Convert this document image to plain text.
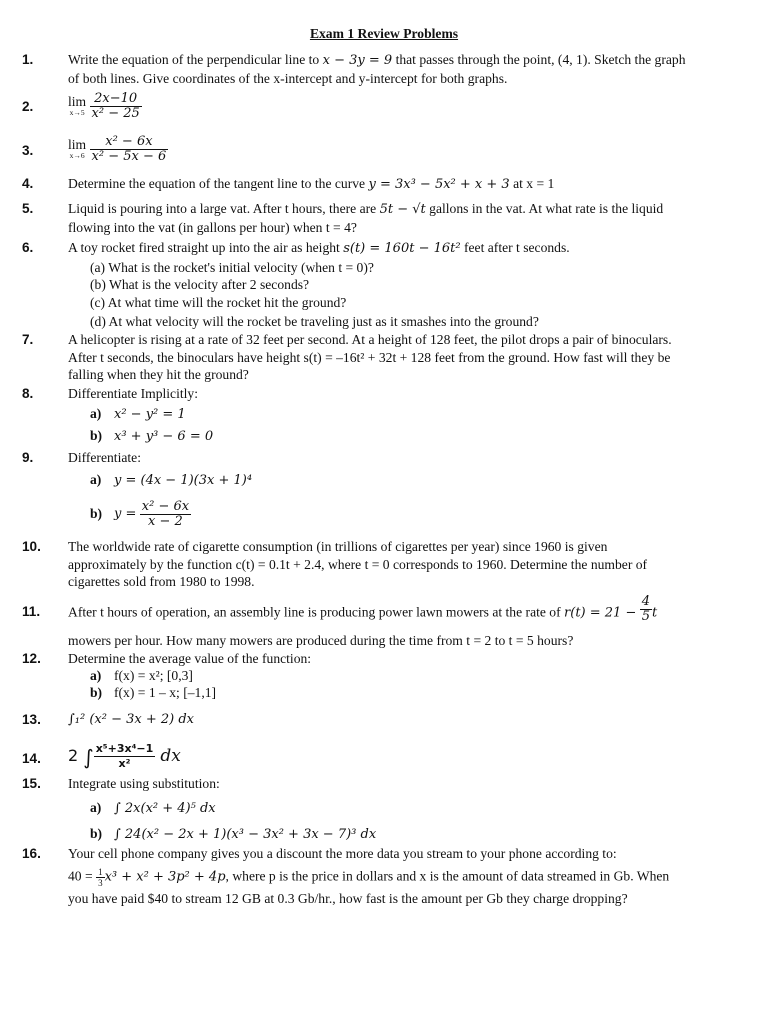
Exam 1 Review Problems
1.	Write the equation of the perpendicular line to x − 3y = 9 that passes through the point, (4, 1). Sketch the graph
of both lines. Give coordinates of the x-intercept and y-intercept for both graphs.
2.	lim
x→5
$\frac{2x-10}{\text{x² − 25}}$
3.	lim
x→6
$\frac{\text{x² − 6x}}{\text{x² − 5x − 6}}$
4.	Determine the equation of the tangent line to the curve y = 3x³ − 5x² + x + 3 at x = 1
5.	Liquid is pouring into a large vat. After t hours, there are 5t − √t gallons in the vat. At what rate is the liquid
flowing into the vat (in gallons per hour) when t = 4?
6.	A toy rocket fired straight up into the air as height s(t) = 160t − 16t² feet after t seconds.
(a) What is the rocket's initial velocity (when t = 0)?
(b) What is the velocity after 2 seconds?
(c) At what time will the rocket hit the ground?
(d) At what velocity will the rocket be traveling just as it smashes into the ground?
7.	A helicopter is rising at a rate of 32 feet per second. At a height of 128 feet, the pilot drops a pair of binoculars.
After t seconds, the binoculars have height s(t) = –16t² + 32t + 128 feet from the ground. How fast will they be
falling when they hit the ground?
8.	Differentiate Implicitly:
a) x² − y² = 1
b) x³ + y³ − 6 = 0
9.	Differentiate:
a) y = (4x − 1)(3x + 1)⁴
b) $y = \frac{\text{x² − 6x}}{x - 2}$
10. The worldwide rate of cigarette consumption (in trillions of cigarettes per year) since 1960 is given
approximately by the function c(t) = 0.1t + 2.4, where t = 0 corresponds to 1960. Determine the number of
cigarettes sold from 1980 to 1998.
11. After t hours of operation, an assembly line is producing power lawn mowers at the rate of $r(t) = 21 - \frac{4}{5}$ t
mowers per hour. How many mowers are produced during the time from t = 2 to t = 5 hours?
12. Determine the average value of the function:
a) f(x) = x²; [0,3]
b) f(x) = 1 – x; [–1,1]
13. ∫₁² (x² − 3x + 2) dx
14. 2 ∫ $\frac{\text{x⁵+3x⁴−1}}{\text{x²}}$ dx
15. Integrate using substitution:
a) ∫ 2x(x² + 4)⁵ dx
b) ∫ 24(x² − 2x + 1)(x³ − 3x² + 3x − 7)³ dx
16. Your cell phone company gives you a discount the more data you stream to your phone according to:
$40 = \frac{1}{3} x^3 + x^2 + 3p^2 + 4p$, where p is the price in dollars and x is the amount of data streamed in Gb. When
you have paid $40 to stream 12 GB at 0.3 Gb/hr., how fast is the amount per Gb they charge dropping?
